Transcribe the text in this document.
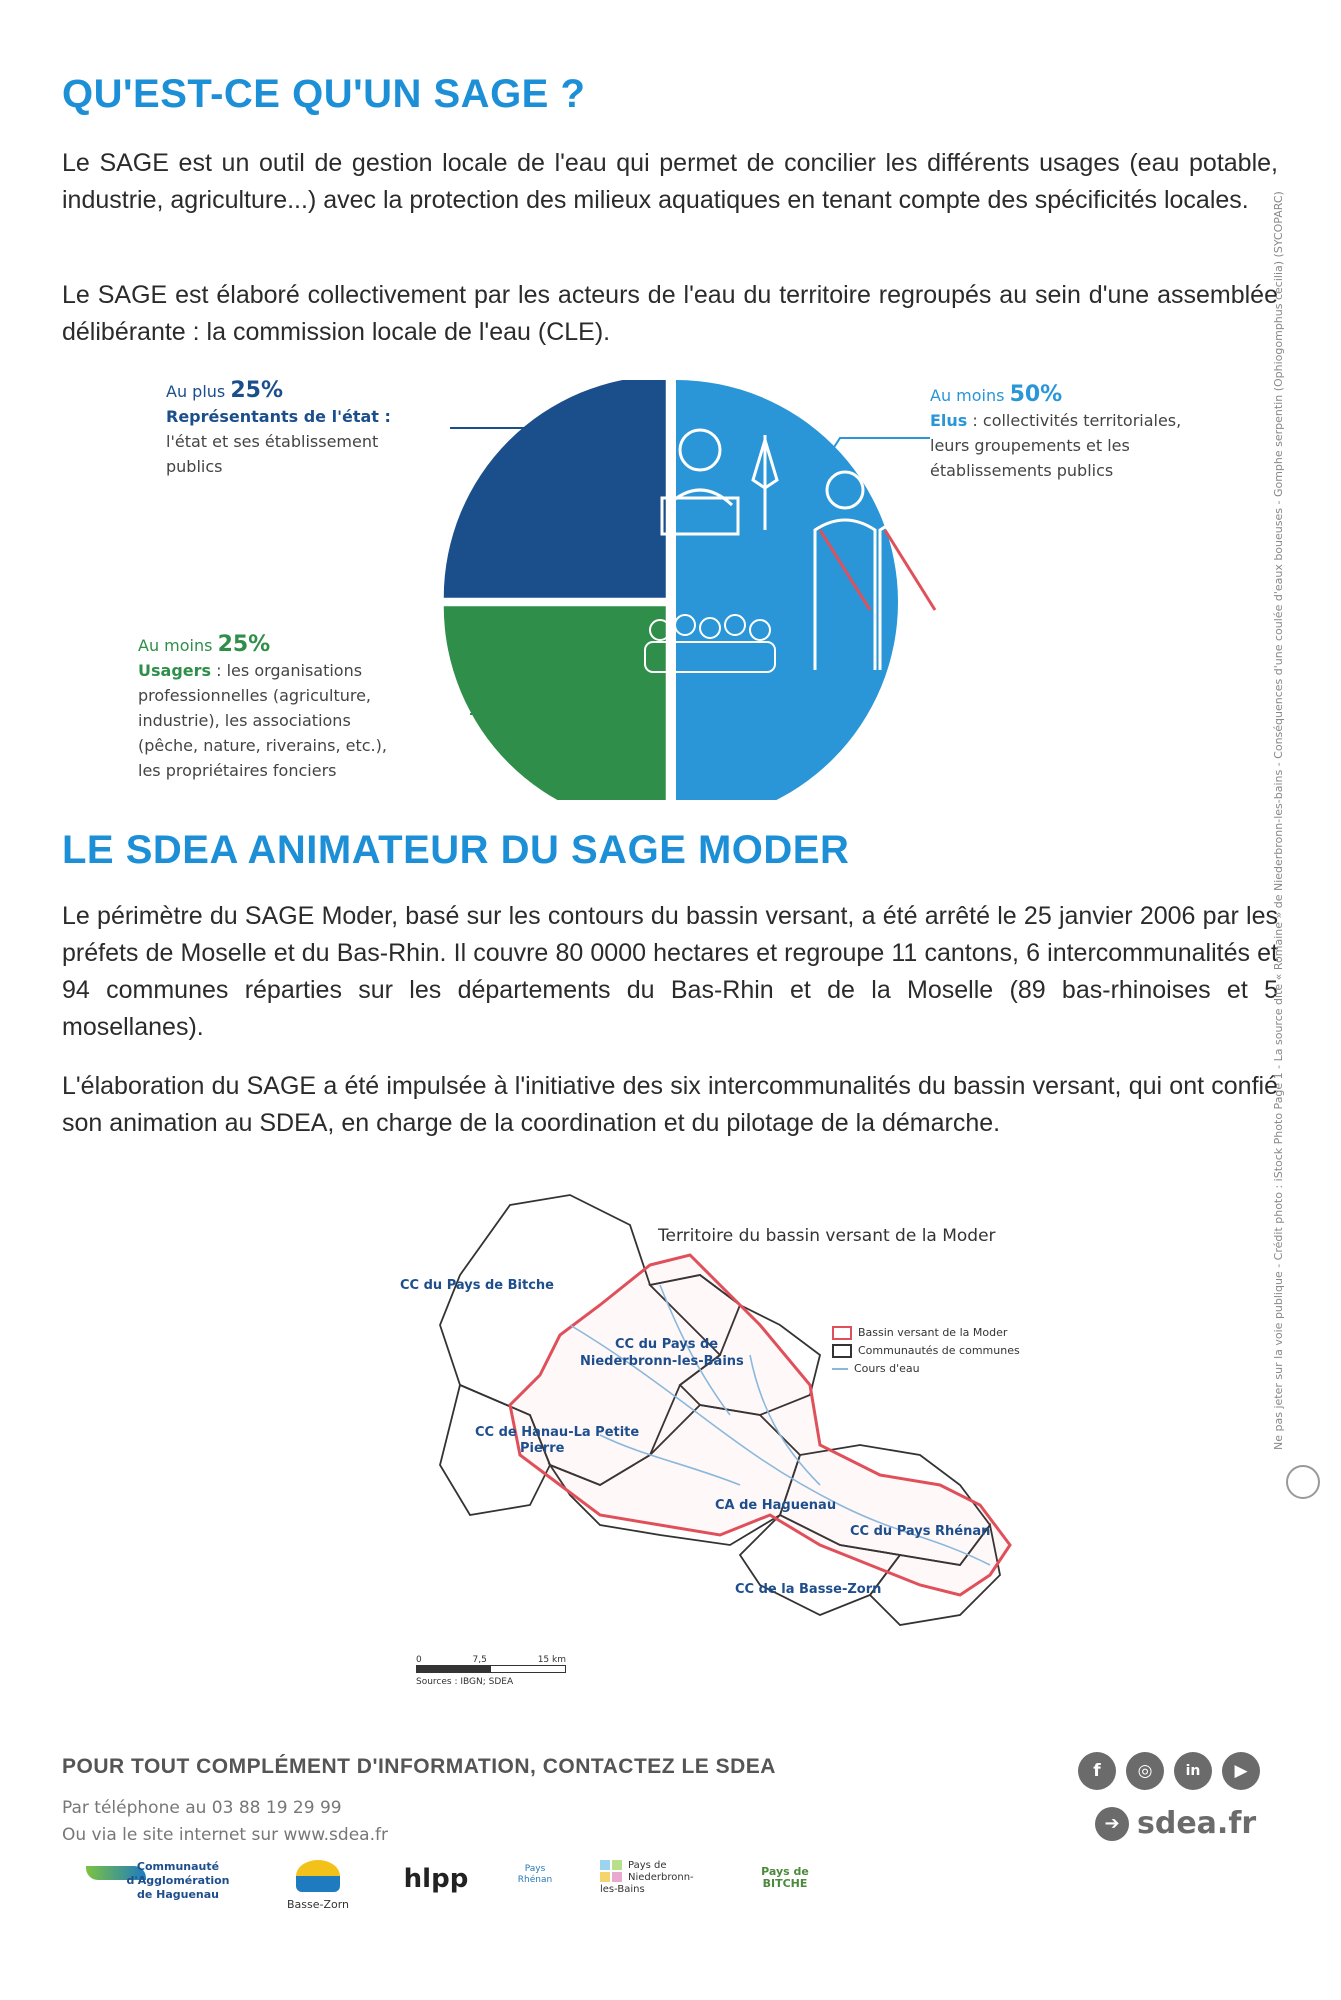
QU'EST-CE QU'UN SAGE ?

Le SAGE est un outil de gestion locale de l'eau qui permet de concilier les différents usages (eau potable, industrie, agriculture...) avec la protection des milieux aquatiques en tenant compte des spécificités locales.

Le SAGE est élaboré collectivement par les acteurs de l'eau du territoire regroupés au sein d'une assemblée délibérante : la commission locale de l'eau (CLE).

Au plus 25%
Représentants de l'état :
l'état et ses établissement publics
Au moins 50%
Elus : collectivités territoriales, leurs groupements et les établissements publics
Au moins 25%
Usagers : les organisations professionnelles (agriculture, industrie), les associations (pêche, nature, riverains, etc.), les propriétaires fonciers
LE SDEA ANIMATEUR DU SAGE MODER

Le périmètre du SAGE Moder, basé sur les contours du bassin versant, a été arrêté le 25 janvier 2006 par les préfets de Moselle et du Bas-Rhin. Il couvre 80 0000 hectares et regroupe 11 cantons, 6 intercommunalités et 94 communes réparties sur les départements du Bas-Rhin et de la Moselle (89 bas-rhinoises et 5 mosellanes).

L'élaboration du SAGE a été impulsée à l'initiative des six intercommunalités du bassin versant, qui ont confié son animation au SDEA, en charge de la coordination et du pilotage de la démarche.

CC du Pays de Bitche
CC du Pays de
Niederbronn-les-Bains
CC de Hanau-La Petite
Pierre
CA de Haguenau
CC du Pays Rhénan
CC de la Basse-Zorn
Territoire du bassin versant de la Moder
Bassin versant de la Moder
Communautés de communes
Cours d'eau
0	7,5	15 km
Sources : IBGN; SDEA
POUR TOUT COMPLÉMENT D'INFORMATION, CONTACTEZ LE SDEA
Par téléphone au 03 88 19 29 99
Ou via le site internet sur www.sdea.fr
f	◎	in	▶
➔ sdea.fr
Communauté
d'Agglomération
de Haguenau
Basse-Zorn
hlpp	Pays
Rhénan
Pays de
Niederbronn-
les-Bains
Pays de
BITCHE
Ne pas jeter sur la voie publique - Crédit photo : iStock Photo Page 1 - La source dite « Romaine » de Niederbronn-les-bains - Conséquences d'une coulée d'eaux boueuses - Gomphe serpentin (Ophiogomphus cecilia) (SYCOPARC)
